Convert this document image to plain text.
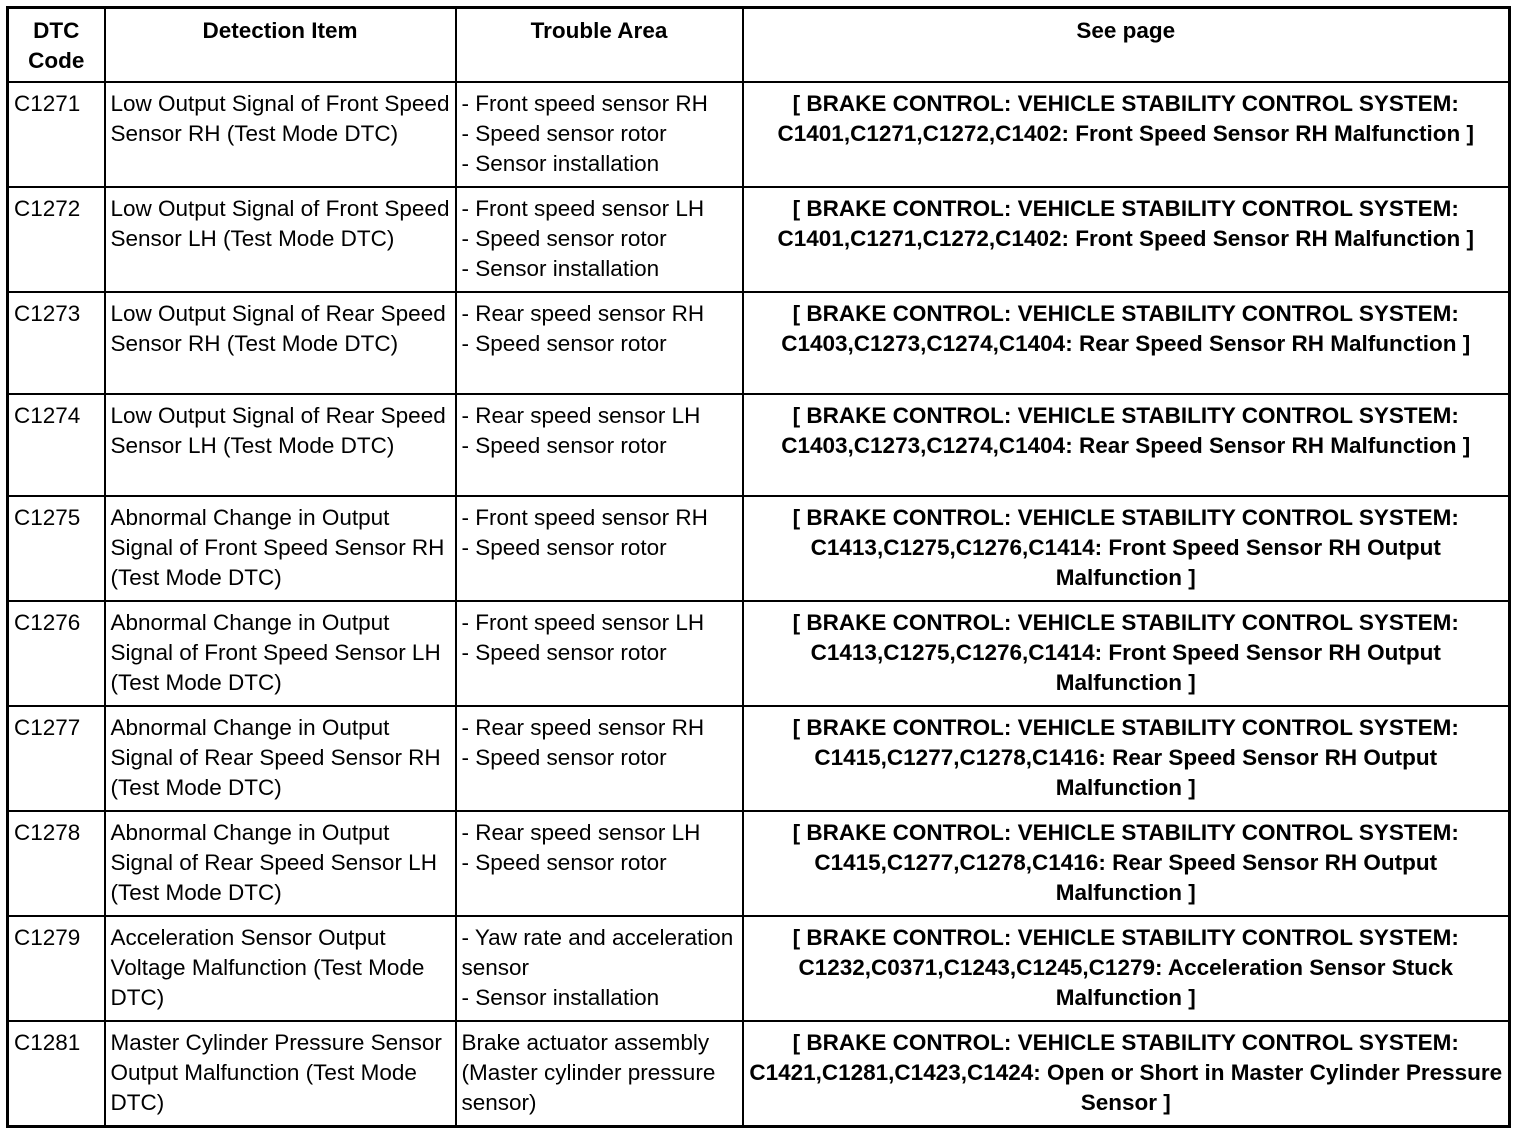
DTC Code	Detection Item	Trouble Area	See page
C1271	Low Output Signal of Front Speed Sensor RH (Test Mode DTC)	- Front speed sensor RH
- Speed sensor rotor
- Sensor installation	[ BRAKE CONTROL: VEHICLE STABILITY CONTROL SYSTEM: C1401,C1271,C1272,C1402: Front Speed Sensor RH Malfunction ]
C1272	Low Output Signal of Front Speed Sensor LH (Test Mode DTC)	- Front speed sensor LH
- Speed sensor rotor
- Sensor installation	[ BRAKE CONTROL: VEHICLE STABILITY CONTROL SYSTEM: C1401,C1271,C1272,C1402: Front Speed Sensor RH Malfunction ]
C1273	Low Output Signal of Rear Speed Sensor RH (Test Mode DTC)	- Rear speed sensor RH
- Speed sensor rotor	[ BRAKE CONTROL: VEHICLE STABILITY CONTROL SYSTEM: C1403,C1273,C1274,C1404: Rear Speed Sensor RH Malfunction ]
C1274	Low Output Signal of Rear Speed Sensor LH (Test Mode DTC)	- Rear speed sensor LH
- Speed sensor rotor	[ BRAKE CONTROL: VEHICLE STABILITY CONTROL SYSTEM: C1403,C1273,C1274,C1404: Rear Speed Sensor RH Malfunction ]
C1275	Abnormal Change in Output Signal of Front Speed Sensor RH (Test Mode DTC)	- Front speed sensor RH
- Speed sensor rotor	[ BRAKE CONTROL: VEHICLE STABILITY CONTROL SYSTEM: C1413,C1275,C1276,C1414: Front Speed Sensor RH Output Malfunction ]
C1276	Abnormal Change in Output Signal of Front Speed Sensor LH (Test Mode DTC)	- Front speed sensor LH
- Speed sensor rotor	[ BRAKE CONTROL: VEHICLE STABILITY CONTROL SYSTEM: C1413,C1275,C1276,C1414: Front Speed Sensor RH Output Malfunction ]
C1277	Abnormal Change in Output Signal of Rear Speed Sensor RH (Test Mode DTC)	- Rear speed sensor RH
- Speed sensor rotor	[ BRAKE CONTROL: VEHICLE STABILITY CONTROL SYSTEM: C1415,C1277,C1278,C1416: Rear Speed Sensor RH Output Malfunction ]
C1278	Abnormal Change in Output Signal of Rear Speed Sensor LH (Test Mode DTC)	- Rear speed sensor LH
- Speed sensor rotor	[ BRAKE CONTROL: VEHICLE STABILITY CONTROL SYSTEM: C1415,C1277,C1278,C1416: Rear Speed Sensor RH Output Malfunction ]
C1279	Acceleration Sensor Output Voltage Malfunction (Test Mode DTC)	- Yaw rate and acceleration sensor
- Sensor installation	[ BRAKE CONTROL: VEHICLE STABILITY CONTROL SYSTEM: C1232,C0371,C1243,C1245,C1279: Acceleration Sensor Stuck Malfunction ]
C1281	Master Cylinder Pressure Sensor Output Malfunction (Test Mode DTC)	Brake actuator assembly (Master cylinder pressure sensor)	[ BRAKE CONTROL: VEHICLE STABILITY CONTROL SYSTEM: C1421,C1281,C1423,C1424: Open or Short in Master Cylinder Pressure Sensor ]
